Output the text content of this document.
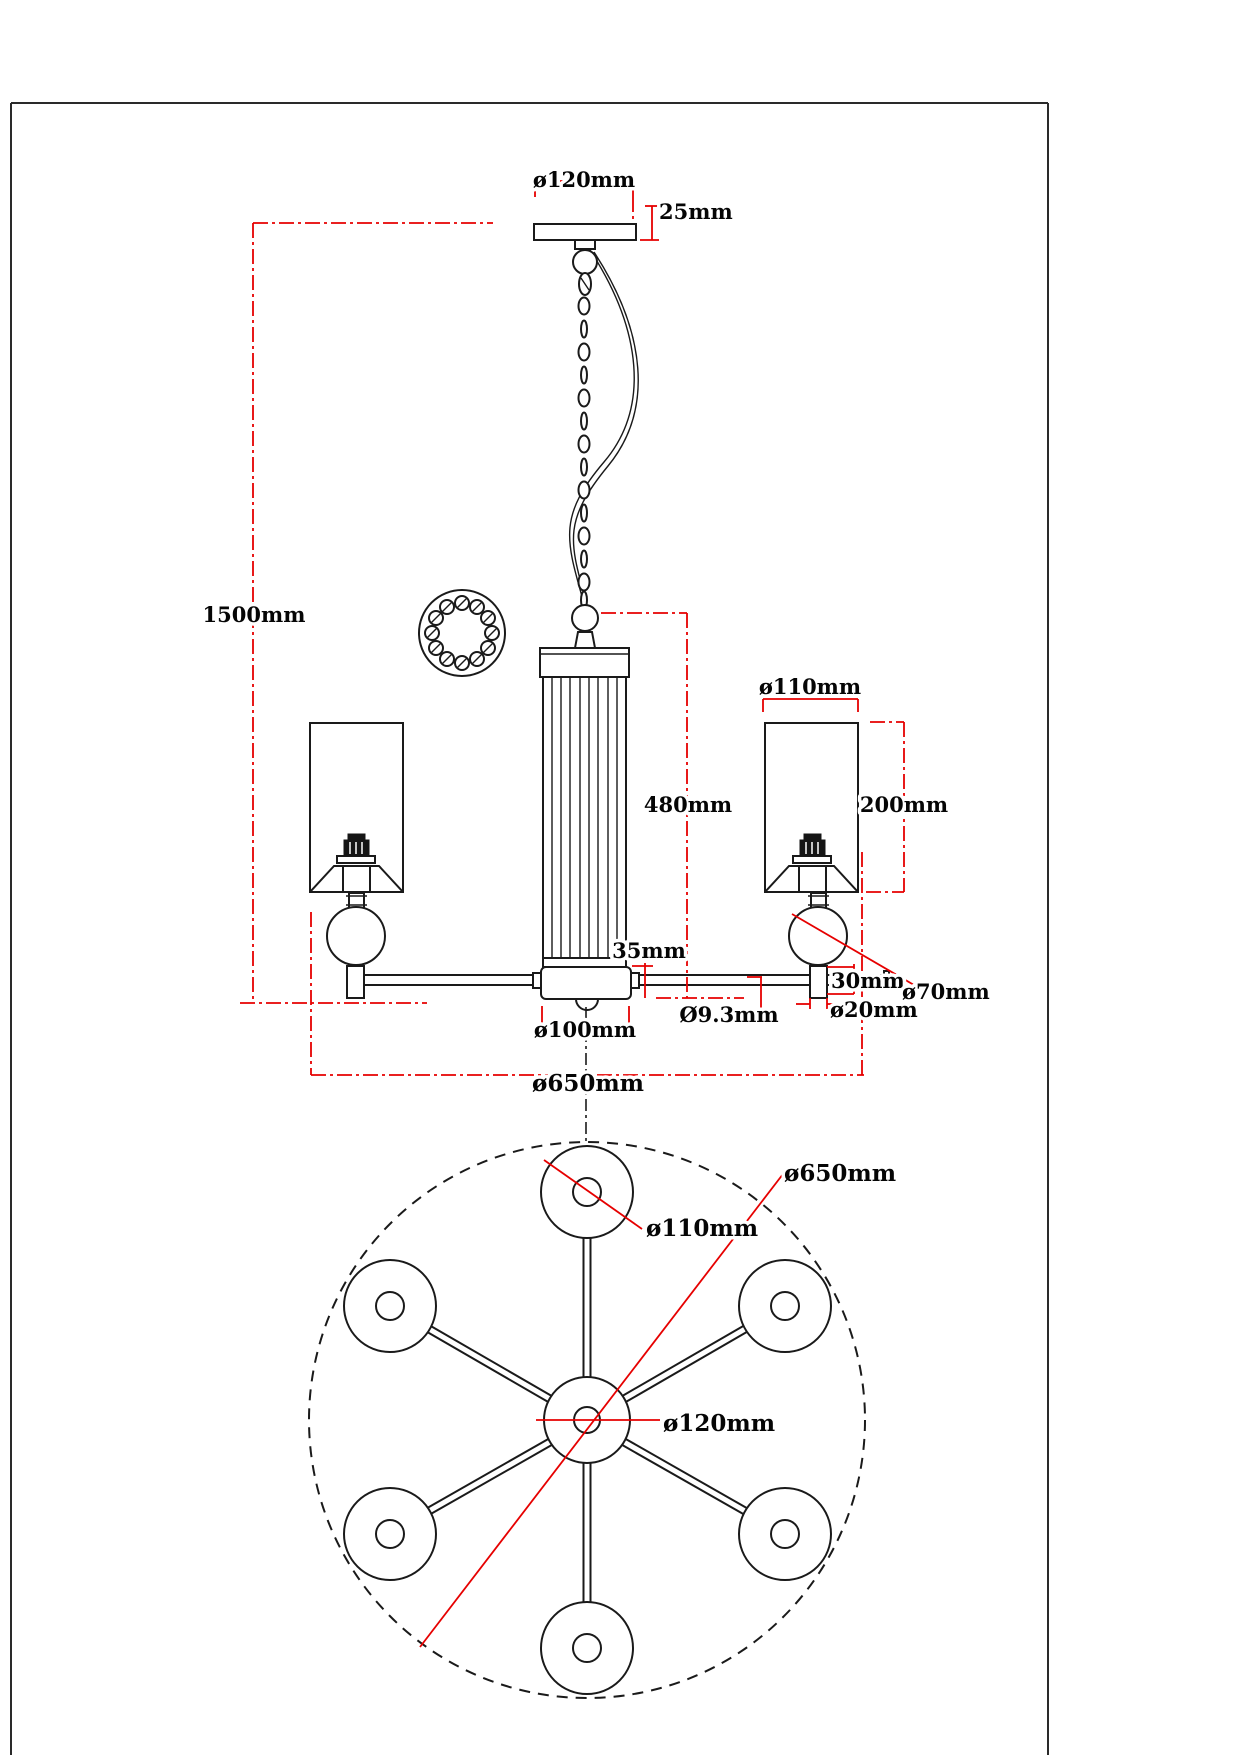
ø120mm
25mm
1500mm
480mm
ø110mm
200mm
35mm
Ø9.3mm
ø100mm
30mm
ø20mm
ø70mm
ø650mm
ø650mm
ø110mm
ø120mm
